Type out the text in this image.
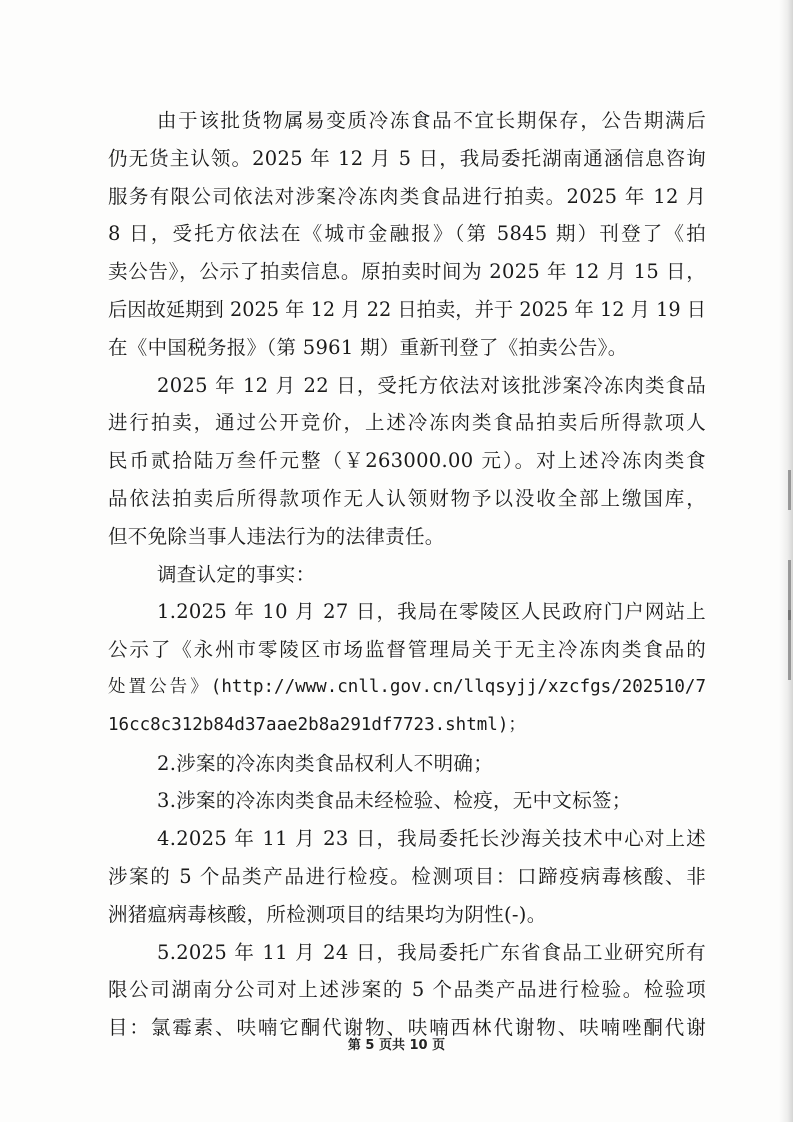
由于该批货物属易变质冷冻食品不宜长期保存，公告期满后
仍无货主认领。2025 年 12 月 5 日，我局委托湖南通涵信息咨询
服务有限公司依法对涉案冷冻肉类食品进行拍卖。2025 年 12 月
8 日，受托方依法在《城市金融报》（第 5845 期）刊登了《拍
卖公告》，公示了拍卖信息。原拍卖时间为 2025 年 12 月 15 日，
后因故延期到 2025 年 12 月 22 日拍卖，并于 2025 年 12 月 19 日
在《中国税务报》（第 5961 期）重新刊登了《拍卖公告》。
2025 年 12 月 22 日，受托方依法对该批涉案冷冻肉类食品
进行拍卖，通过公开竞价，上述冷冻肉类食品拍卖后所得款项人
民币贰拾陆万叁仟元整（￥263000.00 元）。对上述冷冻肉类食
品依法拍卖后所得款项作无人认领财物予以没收全部上缴国库，
但不免除当事人违法行为的法律责任。
调查认定的事实：
1.2025 年 10 月 27 日，我局在零陵区人民政府门户网站上
公示了《永州市零陵区市场监督管理局关于无主冷冻肉类食品的
处置公告》(http://www.cnll.gov.cn/llqsyjj/xzcfgs/202510/7
16cc8c312b84d37aae2b8a291df7723.shtml)；
2.涉案的冷冻肉类食品权利人不明确；
3.涉案的冷冻肉类食品未经检验、检疫，无中文标签；
4.2025 年 11 月 23 日，我局委托长沙海关技术中心对上述
涉案的 5 个品类产品进行检疫。检测项目：口蹄疫病毒核酸、非
洲猪瘟病毒核酸，所检测项目的结果均为阴性(-)。
5.2025 年 11 月 24 日，我局委托广东省食品工业研究所有
限公司湖南分公司对上述涉案的 5 个品类产品进行检验。检验项
目：氯霉素、呋喃它酮代谢物、呋喃西林代谢物、呋喃唑酮代谢
第 5 页共 10 页
